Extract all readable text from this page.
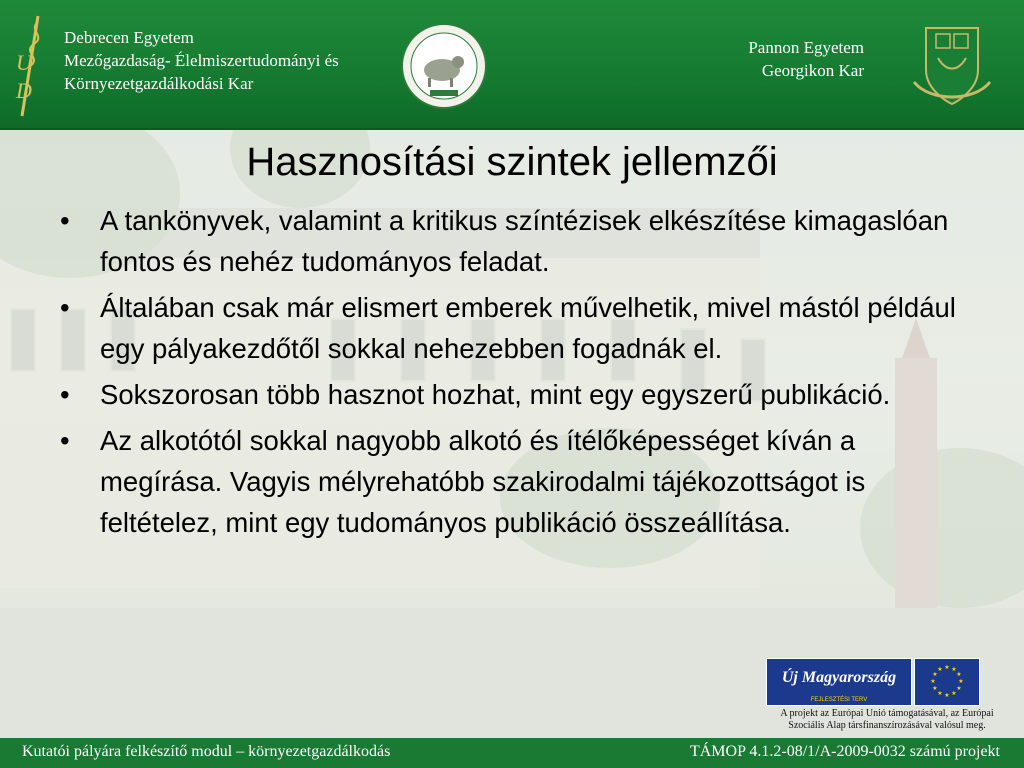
U
D
Debrecen Egyetem
Mezőgazdaság- Élelmiszertudományi és
Környezetgazdálkodási Kar
Pannon Egyetem
Georgikon Kar
Hasznosítási szintek jellemzői
• A tankönyvek, valamint a kritikus színtézisek elkészítése kimagaslóan fontos és nehéz tudományos feladat.
• Általában csak már elismert emberek művelhetik, mivel mástól például egy pályakezdőtől sokkal nehezebben fogadnák el.
• Sokszorosan több hasznot hozhat, mint egy egyszerű publikáció.
• Az alkotótól sokkal nagyobb alkotó és ítélőképességet kíván a megírása. Vagyis mélyrehatóbb szakirodalmi tájékozottságot is feltételez, mint egy tudományos publikáció összeállítása.
Új Magyarország
FEJLESZTÉSI TERV
★ ★
★
★
★
★
★
★
★
★
★
★
A projekt az Európai Unió támogatásával, az Európai
Szociális Alap társfinanszírozásával valósul meg.
Kutatói pályára felkészítő modul – környezetgazdálkodás	TÁMOP 4.1.2-08/1/A-2009-0032 számú projekt
